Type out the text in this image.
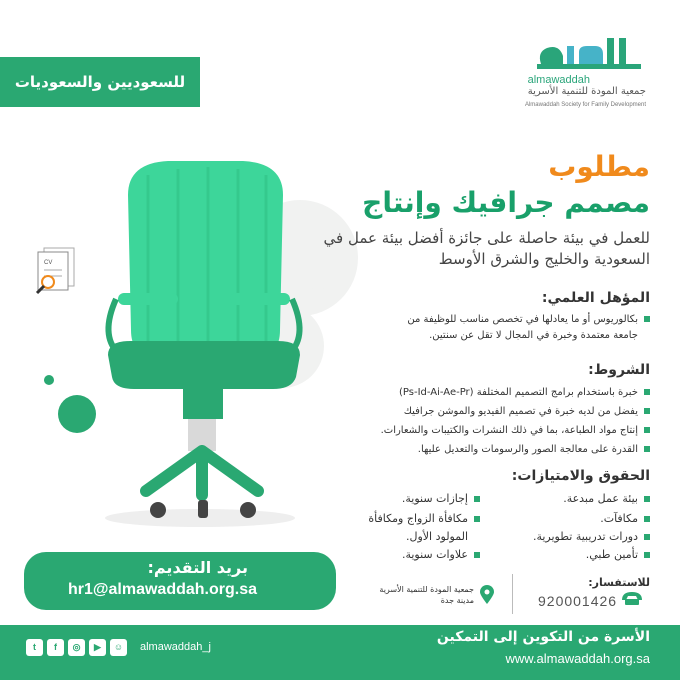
CV
almawaddah
جمعية المودة للتنمية الأسرية
Almawaddah Society for Family Development
للسعوديين والسعوديات
مطلوب
مصمم جرافيك وإنتاج
للعمل في بيئة حاصلة على جائزة أفضل بيئة عمل في السعودية والخليج والشرق الأوسط
المؤهل العلمي:
بكالوريوس أو ما يعادلها في تخصص مناسب للوظيفة من
جامعة معتمدة وخبرة في المجال لا تقل عن سنتين.
الشروط:
خبرة باستخدام برامج التصميم المختلفة (Ps-Id-Ai-Ae-Pr)
يفضل من لديه خبرة في تصميم الفيديو والموشن جرافيك
إنتاج مواد الطباعة، بما في ذلك النشرات والكتيبات والشعارات.
القدرة على معالجة الصور والرسومات والتعديل عليها.
الحقوق والامتيازات:
بيئة عمل مبدعة.
مكافآت.
دورات تدريبية تطويرية.
تأمين طبي.
إجازات سنوية.
مكافأة الزواج ومكافأة
المولود الأول.
علاوات سنوية.
بريد التقديم:
hr1@almawaddah.org.sa	للاستفسار:
920001426
جمعية المودة للتنمية الأسرية
مدينة جدة
الأسرة من التكوين إلى التمكين
www.almawaddah.org.sa
t	f	◎	▶	☺	almawaddah_j
